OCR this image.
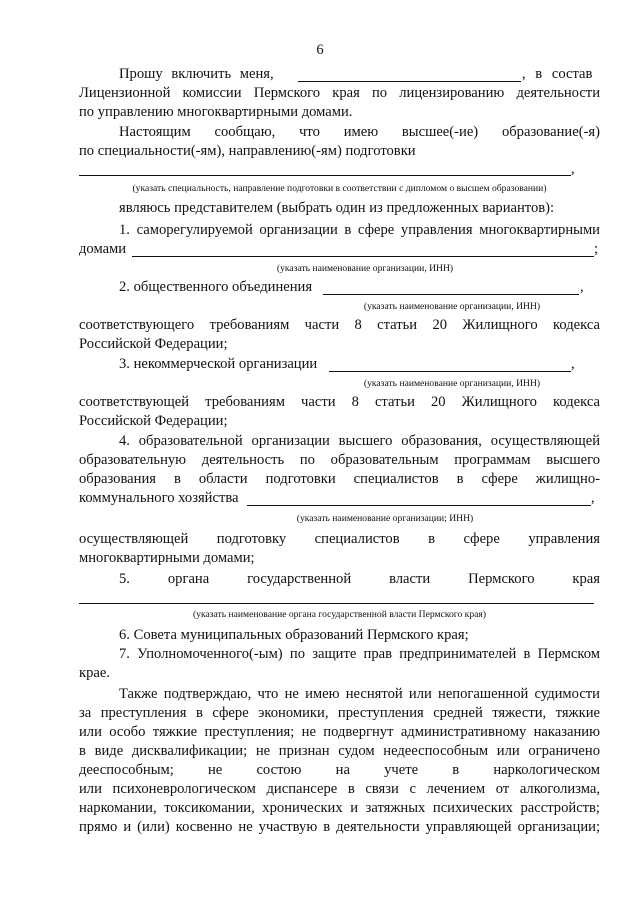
6
Прошу включить меня,	, в состав
Лицензионной комиссии Пермского края по лицензированию деятельности
по управлению многоквартирными домами.
Настоящим сообщаю, что имею высшее(-ие) образование(-я)
по специальности(-ям), направлению(-ям) подготовки
,
(указать специальность, направление подготовки в соответствии с дипломом о высшем образовании)
являюсь представителем (выбрать один из предложенных вариантов):
1. саморегулируемой организации в сфере управления многоквартирными
домами	;
(указать наименование организации, ИНН)
2. общественного объединения	,
(указать наименование организации, ИНН)
соответствующего требованиям части 8 статьи 20 Жилищного кодекса
Российской Федерации;
3. некоммерческой организации	,
(указать наименование организации, ИНН)
соответствующей требованиям части 8 статьи 20 Жилищного кодекса
Российской Федерации;
4. образовательной организации высшего образования, осуществляющей
образовательную деятельность по образовательным программам высшего
образования в области подготовки специалистов в сфере жилищно-
коммунального хозяйства	,
(указать наименование организации; ИНН)
осуществляющей подготовку специалистов в сфере управления
многоквартирными домами;
5. органа государственной власти Пермского края
(указать наименование органа государственной власти Пермского края)
6. Совета муниципальных образований Пермского края;
7. Уполномоченного(-ым) по защите прав предпринимателей в Пермском
крае.
Также подтверждаю, что не имею неснятой или непогашенной судимости
за преступления в сфере экономики, преступления средней тяжести, тяжкие
или особо тяжкие преступления; не подвергнут административному наказанию
в виде дисквалификации; не признан судом недееспособным или ограничено
дееспособным; не состою на учете в наркологическом
или психоневрологическом диспансере в связи с лечением от алкоголизма,
наркомании, токсикомании, хронических и затяжных психических расстройств;
прямо и (или) косвенно не участвую в деятельности управляющей организации;
